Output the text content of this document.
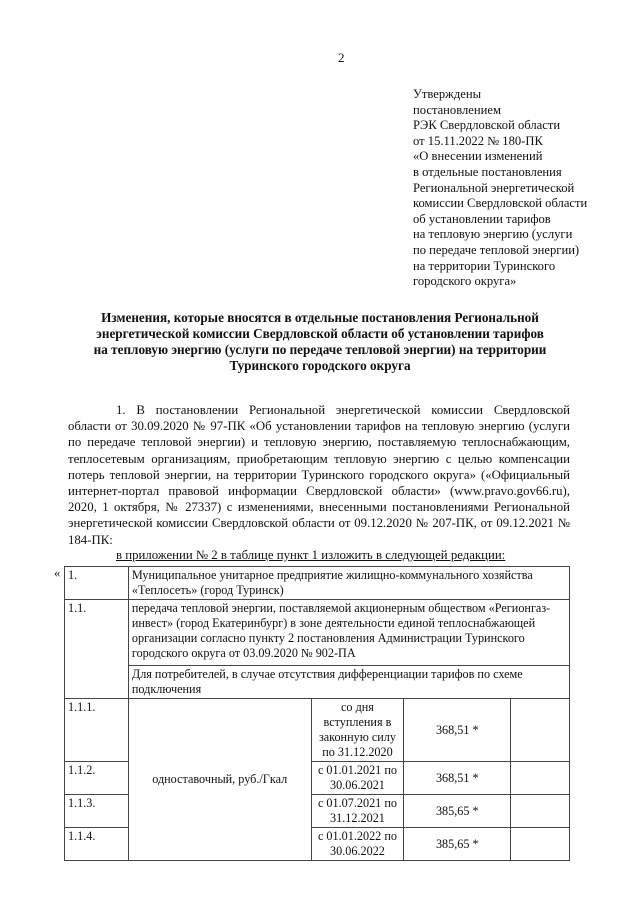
2
Утверждены
постановлением
РЭК Свердловской области
от 15.11.2022 № 180-ПК
«О внесении изменений
в отдельные постановления
Региональной энергетической
комиссии Свердловской области
об установлении тарифов
на тепловую энергию (услуги
по передаче тепловой энергии)
на территории Туринского
городского округа»
Изменения, которые вносятся в отдельные постановления Региональной
энергетической комиссии Свердловской области об установлении тарифов
на тепловую энергию (услуги по передаче тепловой энергии) на территории
Туринского городского округа

1. В постановлении Региональной энергетической комиссии Свердловской области от 30.09.2020 № 97-ПК «Об установлении тарифов на тепловую энергию (услуги по передаче тепловой энергии) и тепловую энергию, поставляемую теплоснабжающим, теплосетевым организациям, приобретающим тепловую энергию с целью компенсации потерь тепловой энергии, на территории Туринского городского округа» («Официальный интернет-портал правовой информации Свердловской области» (www.pravo.gov66.ru), 2020, 1 октября, № 27337) с изменениями, внесенными постановлениями Региональной энергетической комиссии Свердловской области от 09.12.2020 № 207-ПК, от 09.12.2021 № 184-ПК:

в приложении № 2 в таблице пункт 1 изложить в следующей редакции:
« 1.	Муниципальное унитарное предприятие жилищно-коммунального хозяйства «Теплосеть» (город Туринск)			
1.1.	передача тепловой энергии, поставляемой акционерным обществом «Регионгаз-инвест» (город Екатеринбург) в зоне деятельности единой теплоснабжающей организации согласно пункту 2 постановления Администрации Туринского городского округа от 03.09.2020 № 902-ПА			
	Для потребителей, в случае отсутствия дифференциации тарифов по схеме подключения			
1.1.1.	одноставочный, руб./Гкал	со дня вступления в законную силу по 31.12.2020	368,51 *	
1.1.2.		с 01.01.2021 по 30.06.2021	368,51 *	
1.1.3.		с 01.07.2021 по 31.12.2021	385,65 *	
1.1.4.		с 01.01.2022 по 30.06.2022	385,65 *	
